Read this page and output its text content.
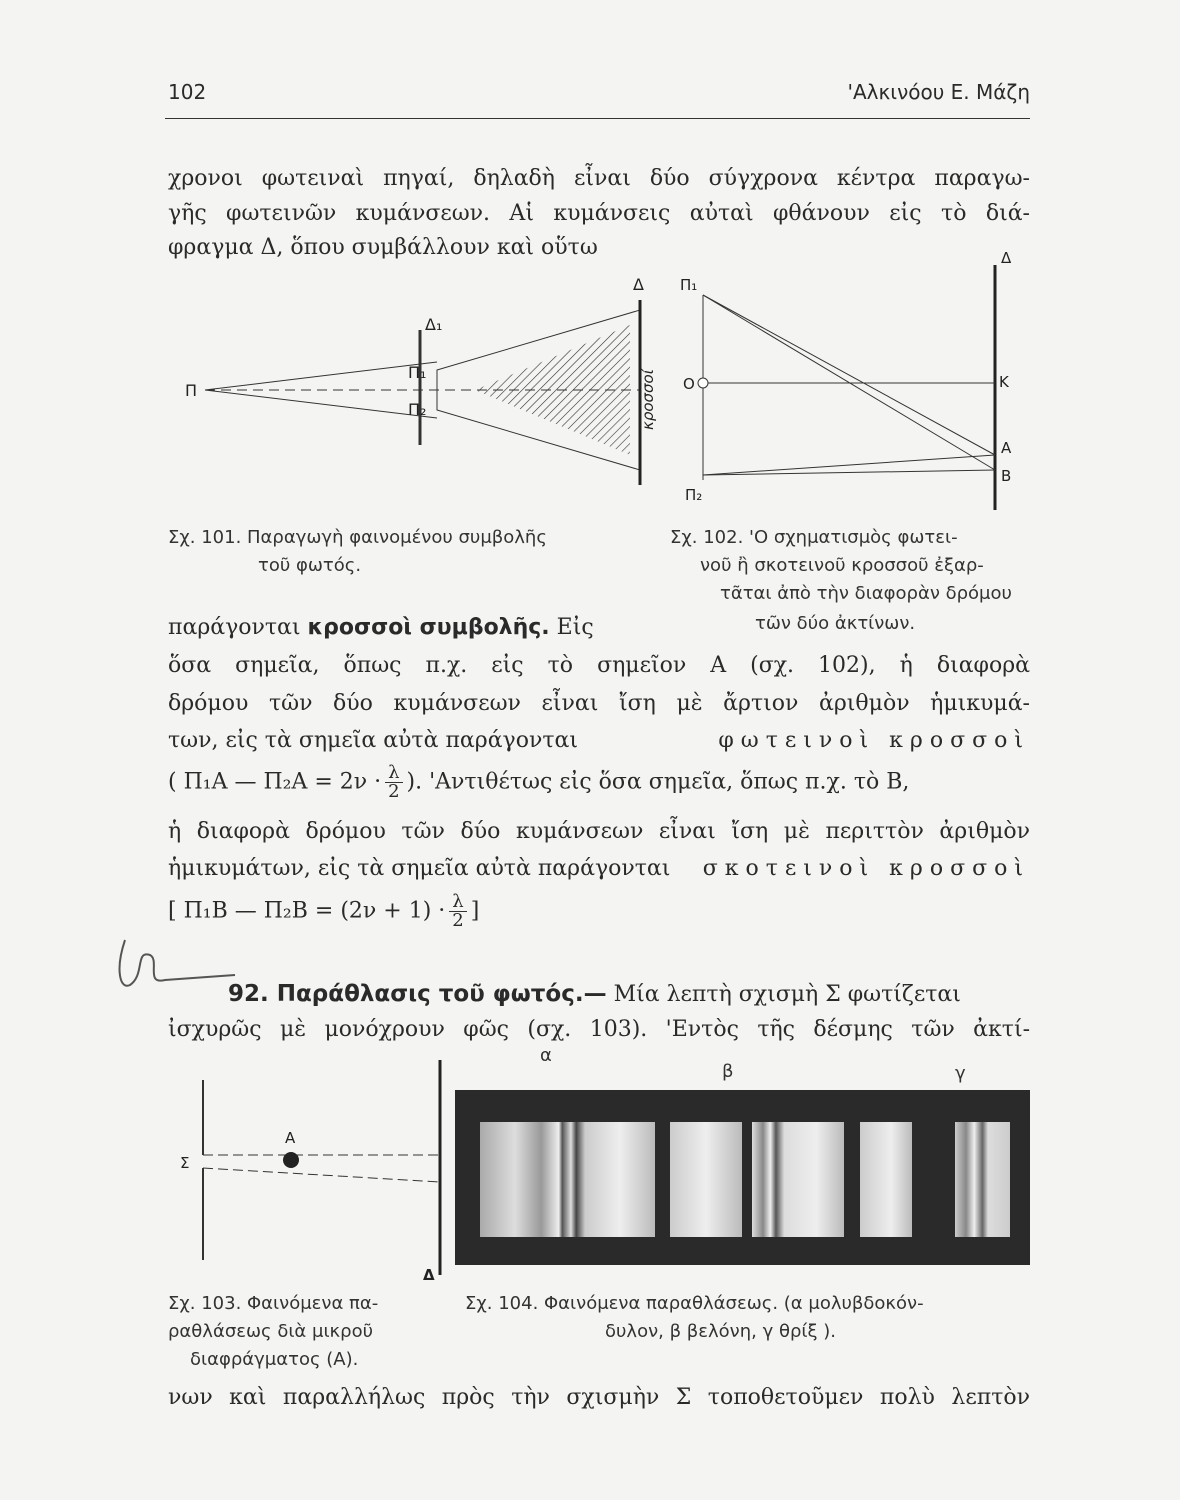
102	'Αλκινόου Ε. Μάζη
χρονοι φωτειναὶ πηγαί, δηλαδὴ εἶναι δύο σύγχρονα κέντρα παραγω-
γῆς φωτεινῶν κυμάνσεων. Αἱ κυμάνσεις αὐταὶ φθάνουν εἰς τὸ διά-
φραγμα Δ, ὅπου συμβάλλουν καὶ οὕτω
Π
Δ₁
Π₁
Π₂
Δ
κροσσοί
Δ
Π₁
Π₂
O	K
A
B
Σχ. 101. Παραγωγὴ φαινομένου συμβολῆς
τοῦ φωτός.
Σχ. 102. 'Ο σχηματισμὸς φωτει-
νοῦ ἢ σκοτεινοῦ κροσσοῦ ἐξαρ-
τᾶται ἀπὸ τὴν διαφορὰν δρόμου
τῶν δύο ἀκτίνων.
παράγονται κροσσοὶ συμβολῆς. Εἰς
ὅσα σημεῖα, ὅπως π.χ. εἰς τὸ σημεῖον Α (σχ. 102), ἡ διαφορὰ
δρόμου τῶν δύο κυμάνσεων εἶναι ἴση μὲ ἄρτιον ἀριθμὸν ἡμικυμά-
των, εἰς τὰ σημεῖα αὐτὰ παράγονται	φωτεινοὶ κροσσοὶ
( Π₁Α — $\Pi_2A = 2\nu \cdot \frac{\lambda}{2}$ ). 'Αντιθέτως εἰς ὅσα σημεῖα, ὅπως π.χ. τὸ Β,
ἡ διαφορὰ δρόμου τῶν δύο κυμάνσεων εἶναι ἴση μὲ περιττὸν ἀριθμὸν
ἡμικυμάτων, εἰς τὰ σημεῖα αὐτὰ παράγονται σκοτεινοὶ κροσσοὶ
[ Π₁Β — $\Pi_2B = (2\nu + 1) \cdot \frac{\lambda}{2}$ ]
92. Παράθλασις τοῦ φωτός.— Μία λεπτὴ σχισμὴ Σ φωτίζεται
ἰσχυρῶς μὲ μονόχρουν φῶς (σχ. 103). 'Εντὸς τῆς δέσμης τῶν ἀκτί-
Σ
A
Δ
α
β	γ
Σχ. 103. Φαινόμενα πα-
ραθλάσεως διὰ μικροῦ
διαφράγματος (Α).
Σχ. 104. Φαινόμενα παραθλάσεως. (α μολυβδοκόν-
δυλον, β βελόνη, γ θρίξ ).
νων καὶ παραλλήλως πρὸς τὴν σχισμὴν Σ τοποθετοῦμεν πολὺ λεπτὸν
